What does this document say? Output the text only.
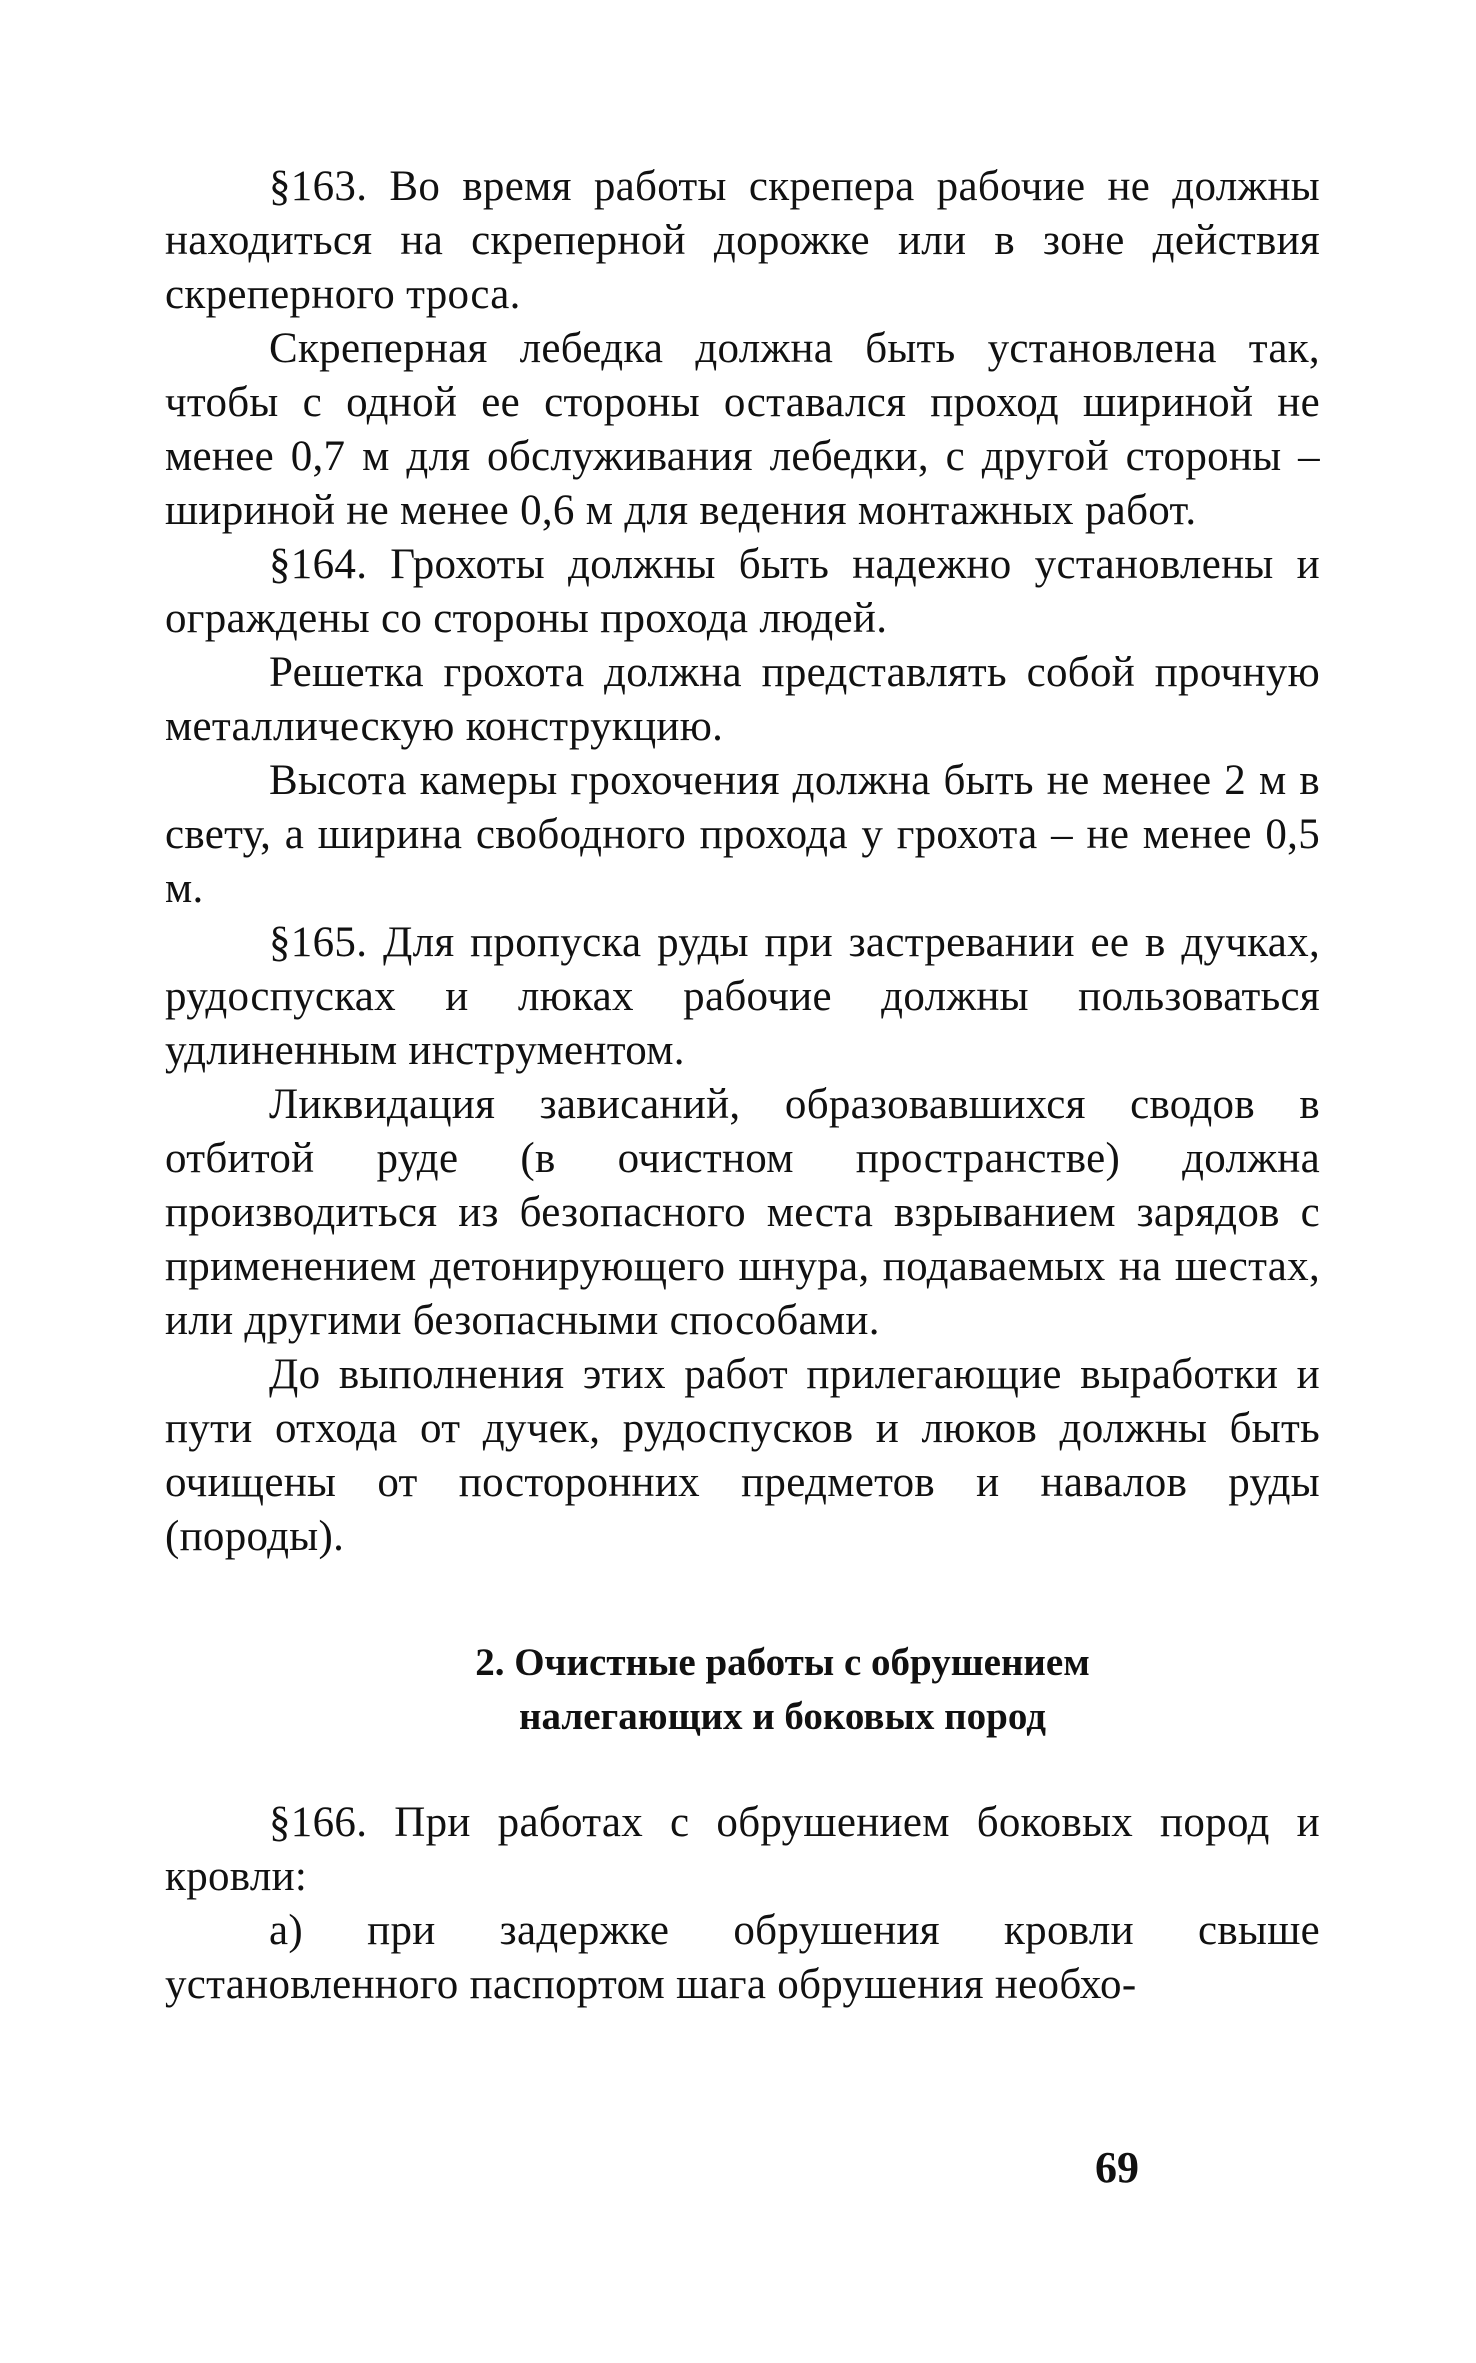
§163. Во время работы скрепера рабочие не должны находиться на скреперной дорожке или в зоне действия скреперного троса.

Скреперная лебедка должна быть установлена так, чтобы с одной ее стороны оставался проход шириной не менее 0,7 м для обслуживания лебедки, с другой стороны – шириной не менее 0,6 м для ведения монтажных работ.

§164. Грохоты должны быть надежно установлены и ограждены со стороны прохода людей.

Решетка грохота должна представлять собой прочную металлическую конструкцию.

Высота камеры грохочения должна быть не менее 2 м в свету, а ширина свободного прохода у грохота – не менее 0,5 м.

§165. Для пропуска руды при застревании ее в дучках, рудоспусках и люках рабочие должны пользоваться удлиненным инструментом.

Ликвидация зависаний, образовавшихся сводов в отбитой руде (в очистном пространстве) должна производиться из безопасного места взрыванием зарядов с применением детонирующего шнура, подаваемых на шестах, или другими безопасными способами.

До выполнения этих работ прилегающие выработки и пути отхода от дучек, рудоспусков и люков должны быть очищены от посторонних предметов и навалов руды (породы).

2. Очистные работы с обрушением
налегающих и боковых пород

§166. При работах с обрушением боковых пород и кровли:

а) при задержке обрушения кровли свыше установленного паспортом шага обрушения необхо-

69
